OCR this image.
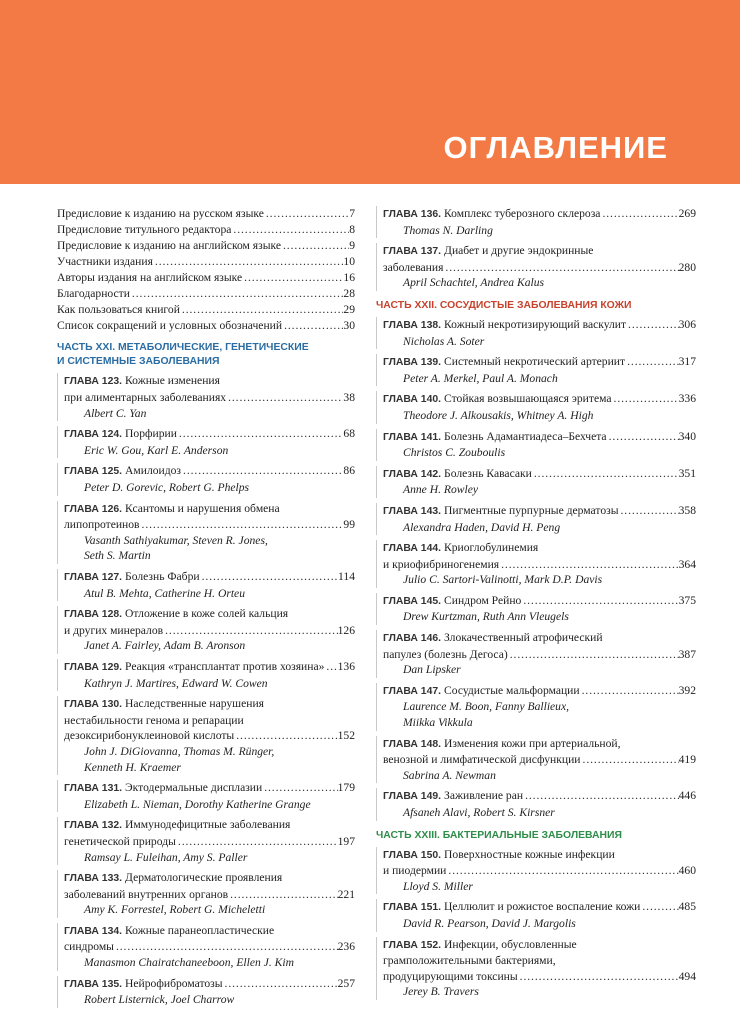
ОГЛАВЛЕНИЕ
Предисловие к изданию на русском языке . . .	7
Предисловие титульного редактора . . .	8
Предисловие к изданию на английском языке . . .	9
Участники издания . . .	10
Авторы издания на английском языке . . .	16
Благодарности . . .	28
Как пользоваться книгой . . .	29
Список сокращений и условных обозначений . . .	30
ЧАСТЬ XXI. МЕТАБОЛИЧЕСКИЕ, ГЕНЕТИЧЕСКИЕ
И СИСТЕМНЫЕ ЗАБОЛЕВАНИЯ
ГЛАВА 123. Кожные изменения
при алиментарных заболеваниях . . .	38
Albert C. Yan
ГЛАВА 124. Порфирии . . .	68
Eric W. Gou, Karl E. Anderson
ГЛАВА 125. Амилоидоз . . .	86
Peter D. Gorevic, Robert G. Phelps
ГЛАВА 126. Ксантомы и нарушения обмена
липопротеинов . . .	99
Vasanth Sathiyakumar, Steven R. Jones,
Seth S. Martin
ГЛАВА 127. Болезнь Фабри . . .	114
Atul B. Mehta, Catherine H. Orteu
ГЛАВА 128. Отложение в коже солей кальция
и других минералов . . .	126
Janet A. Fairley, Adam B. Aronson
ГЛАВА 129. Реакция «трансплантат против хозяина» . . . 136
Kathryn J. Martires, Edward W. Cowen
ГЛАВА 130. Наследственные нарушения
нестабильности генома и репарации
дезоксирибонуклеиновой кислоты . . .	152
John J. DiGiovanna, Thomas M. Rünger,
Kenneth H. Kraemer
ГЛАВА 131. Эктодермальные дисплазии . . .	179
Elizabeth L. Nieman, Dorothy Katherine Grange
ГЛАВА 132. Иммунодефицитные заболевания
генетической природы . . .	197
Ramsay L. Fuleihan, Amy S. Paller
ГЛАВА 133. Дерматологические проявления
заболеваний внутренних органов . . .	221
Amy K. Forrestel, Robert G. Micheletti
ГЛАВА 134. Кожные паранеопластические
синдромы . . .	236
Manasmon Chairatchaneeboon, Ellen J. Kim
ГЛАВА 135. Нейрофиброматозы . . .	257
Robert Listernick, Joel Charrow
ГЛАВА 136. Комплекс туберозного склероза . . .	269
Thomas N. Darling
ГЛАВА 137. Диабет и другие эндокринные
заболевания . . .	280
April Schachtel, Andrea Kalus
ЧАСТЬ XXII. СОСУДИСТЫЕ ЗАБОЛЕВАНИЯ КОЖИ
ГЛАВА 138. Кожный некротизирующий васкулит . . .	306
Nicholas A. Soter
ГЛАВА 139. Системный некротический артериит . . .	317
Peter A. Merkel, Paul A. Monach
ГЛАВА 140. Стойкая возвышающаяся эритема . . .	336
Theodore J. Alkousakis, Whitney A. High
ГЛАВА 141. Болезнь Адамантиадеса–Бехчета . . .	340
Christos C. Zouboulis
ГЛАВА 142. Болезнь Кавасаки . . .	351
Anne H. Rowley
ГЛАВА 143. Пигментные пурпурные дерматозы . . .	358
Alexandra Haden, David H. Peng
ГЛАВА 144. Криоглобулинемия
и криофибриногенемия . . .	364
Julio C. Sartori-Valinotti, Mark D.P. Davis
ГЛАВА 145. Синдром Рейно . . .	375
Drew Kurtzman, Ruth Ann Vleugels
ГЛАВА 146. Злокачественный атрофический
папулез (болезнь Дегоса) . . .	387
Dan Lipsker
ГЛАВА 147. Сосудистые мальформации . . .	392
Laurence M. Boon, Fanny Ballieux,
Miikka Vikkula
ГЛАВА 148. Изменения кожи при артериальной,
венозной и лимфатической дисфункции . . .	419
Sabrina A. Newman
ГЛАВА 149. Заживление ран . . .	446
Afsaneh Alavi, Robert S. Kirsner
ЧАСТЬ XXIII. БАКТЕРИАЛЬНЫЕ ЗАБОЛЕВАНИЯ
ГЛАВА 150. Поверхностные кожные инфекции
и пиодермии . . .	460
Lloyd S. Miller
ГЛАВА 151. Целлюлит и рожистое воспаление кожи . . .	485
David R. Pearson, David J. Margolis
ГЛАВА 152. Инфекции, обусловленные
грамположительными бактериями,
продуцирующими токсины . . .	494
Jerey B. Travers
